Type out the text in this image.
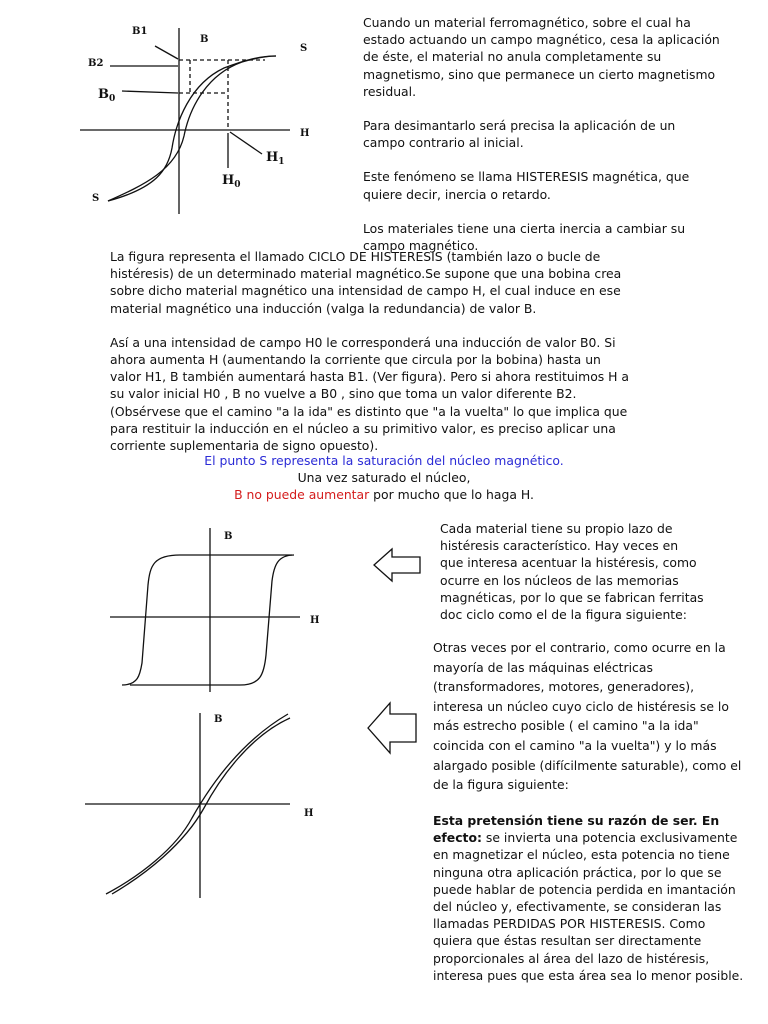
B1
B
S
B2
$B_0$
H
$H_1$
$H_0$
S

Cuando un material ferromagnético, sobre el cual ha estado actuando un campo magnético, cesa la aplicación de éste, el material no anula completamente su magnetismo, sino que permanece un cierto magnetismo residual.

Para desimantarlo será precisa la aplicación de un campo contrario al inicial.

Este fenómeno se llama HISTERESIS magnética, que quiere decir, inercia o retardo.

Los materiales tiene una cierta inercia a cambiar su campo magnético.

La figura representa el llamado CICLO DE HISTERESIS (también lazo o bucle de histéresis) de un determinado material magnético.Se supone que una bobina crea sobre dicho material magnético una intensidad de campo H, el cual induce en ese material magnético una inducción (valga la redundancia) de valor B.

Así a una intensidad de campo H0 le corresponderá una inducción de valor B0. Si ahora aumenta H (aumentando la corriente que circula por la bobina) hasta un valor H1, B también aumentará hasta B1. (Ver figura). Pero si ahora restituimos H a su valor inicial H0 , B no vuelve a B0 , sino que toma un valor diferente B2. (Obsérvese que el camino "a la ida" es distinto que "a la vuelta" lo que implica que para restituir la inducción en el núcleo a su primitivo valor, es preciso aplicar una corriente suplementaria de signo opuesto).

El punto S representa la saturación del núcleo magnético.

Una vez saturado el núcleo,

B no puede aumentar por mucho que lo haga H.

B
H
Cada material tiene su propio lazo de histéresis característico. Hay veces en que interesa acentuar la histéresis, como ocurre en los núcleos de las memorias magnéticas, por lo que se fabrican ferritas doc ciclo como el de la figura siguiente:
B
H
Otras veces por el contrario, como ocurre en la mayoría de las máquinas eléctricas (transformadores, motores, generadores), interesa un núcleo cuyo ciclo de histéresis se lo más estrecho posible ( el camino "a la ida" coincida con el camino "a la vuelta") y lo más alargado posible (difícilmente saturable), como el de la figura siguiente:
Esta pretensión tiene su razón de ser. En efecto: se invierta una potencia exclusivamente en magnetizar el núcleo, esta potencia no tiene ninguna otra aplicación práctica, por lo que se puede hablar de potencia perdida en imantación del núcleo y, efectivamente, se consideran las llamadas PERDIDAS POR HISTERESIS. Como quiera que éstas resultan ser directamente proporcionales al área del lazo de histéresis, interesa pues que esta área sea lo menor posible.
